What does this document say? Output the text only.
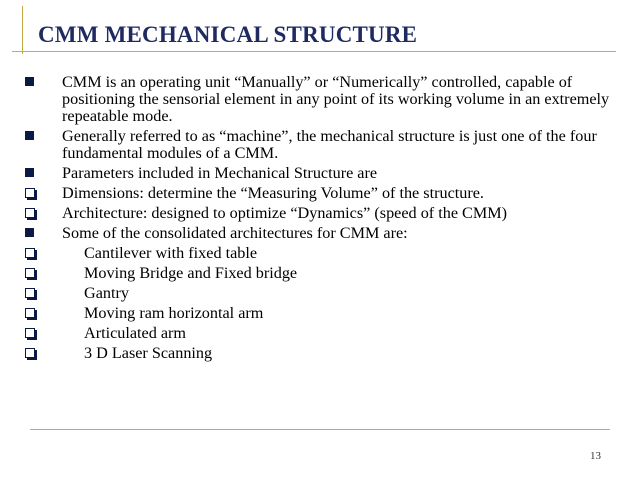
CMM MECHANICAL STRUCTURE
CMM is an operating unit “Manually” or “Numerically” controlled, capable of positioning the sensorial element in any point of its working volume in an extremely repeatable mode.
Generally referred to as “machine”, the mechanical structure is just one of the four fundamental modules of a CMM.
Parameters included in Mechanical Structure are
Dimensions: determine the “Measuring Volume” of the structure.
Architecture: designed to optimize “Dynamics” (speed of the CMM)
Some of the consolidated architectures for CMM are:
Cantilever with fixed table
Moving Bridge and Fixed bridge
Gantry
Moving ram horizontal arm
Articulated arm
3 D Laser Scanning
13
